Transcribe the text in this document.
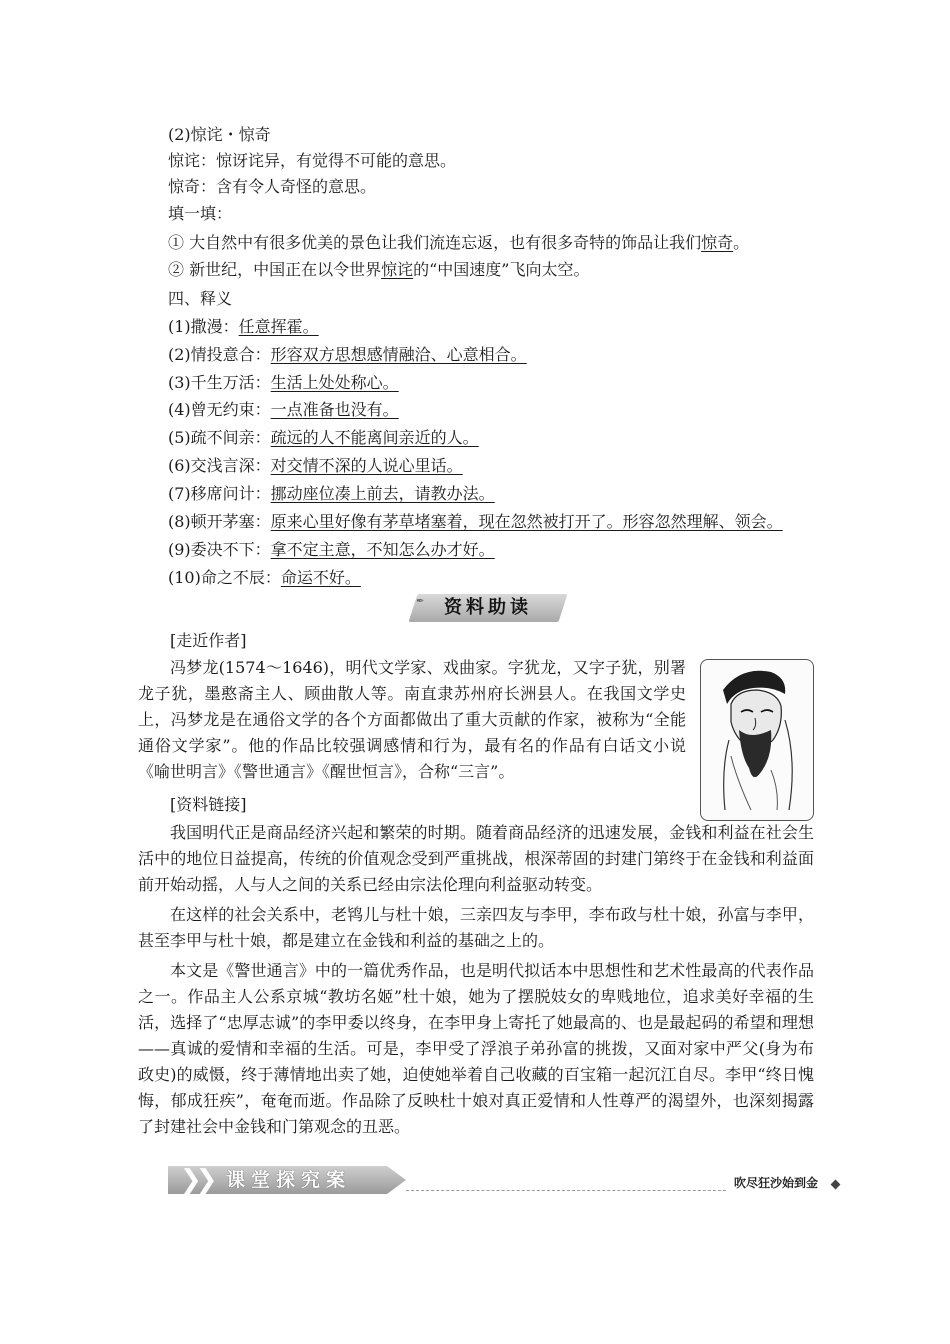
(2)惊诧・惊奇
惊诧：惊讶诧异，有觉得不可能的意思。
惊奇：含有令人奇怪的意思。
填一填：
① 大自然中有很多优美的景色让我们流连忘返，也有很多奇特的饰品让我们惊奇。
② 新世纪，中国正在以令世界惊诧的“中国速度”飞向太空。
四、释义
(1)撒漫：任意挥霍。
(2)情投意合：形容双方思想感情融洽、心意相合。
(3)千生万活：生活上处处称心。
(4)曾无约束：一点准备也没有。
(5)疏不间亲：疏远的人不能离间亲近的人。
(6)交浅言深：对交情不深的人说心里话。
(7)移席问计：挪动座位凑上前去，请教办法。
(8)顿开茅塞：原来心里好像有茅草堵塞着，现在忽然被打开了。形容忽然理解、领会。
(9)委决不下：拿不定主意，不知怎么办才好。
(10)命之不辰：命运不好。
✒	资料助读
[走近作者]

冯梦龙(1574～1646)，明代文学家、戏曲家。字犹龙，又字子犹，别署龙子犹，墨憨斋主人、顾曲散人等。南直隶苏州府长洲县人。在我国文学史上，冯梦龙是在通俗文学的各个方面都做出了重大贡献的作家，被称为“全能通俗文学家”。他的作品比较强调感情和行为，最有名的作品有白话文小说《喻世明言》《警世通言》《醒世恒言》，合称“三言”。

[资料链接]

我国明代正是商品经济兴起和繁荣的时期。随着商品经济的迅速发展，金钱和利益在社会生活中的地位日益提高，传统的价值观念受到严重挑战，根深蒂固的封建门第终于在金钱和利益面前开始动摇，人与人之间的关系已经由宗法伦理向利益驱动转变。

在这样的社会关系中，老鸨儿与杜十娘，三亲四友与李甲，李布政与杜十娘，孙富与李甲，甚至李甲与杜十娘，都是建立在金钱和利益的基础之上的。

本文是《警世通言》中的一篇优秀作品，也是明代拟话本中思想性和艺术性最高的代表作品之一。作品主人公系京城“教坊名姬”杜十娘，她为了摆脱妓女的卑贱地位，追求美好幸福的生活，选择了“忠厚志诚”的李甲委以终身，在李甲身上寄托了她最高的、也是最起码的希望和理想——真诚的爱情和幸福的生活。可是，李甲受了浮浪子弟孙富的挑拨，又面对家中严父(身为布政史)的威慑，终于薄情地出卖了她，迫使她举着自己收藏的百宝箱一起沉江自尽。李甲“终日愧悔，郁成狂疾”，奄奄而逝。作品除了反映杜十娘对真正爱情和人性尊严的渴望外，也深刻揭露了封建社会中金钱和门第观念的丑恶。

❯❯ 课堂探究案	吹尽狂沙始到金
